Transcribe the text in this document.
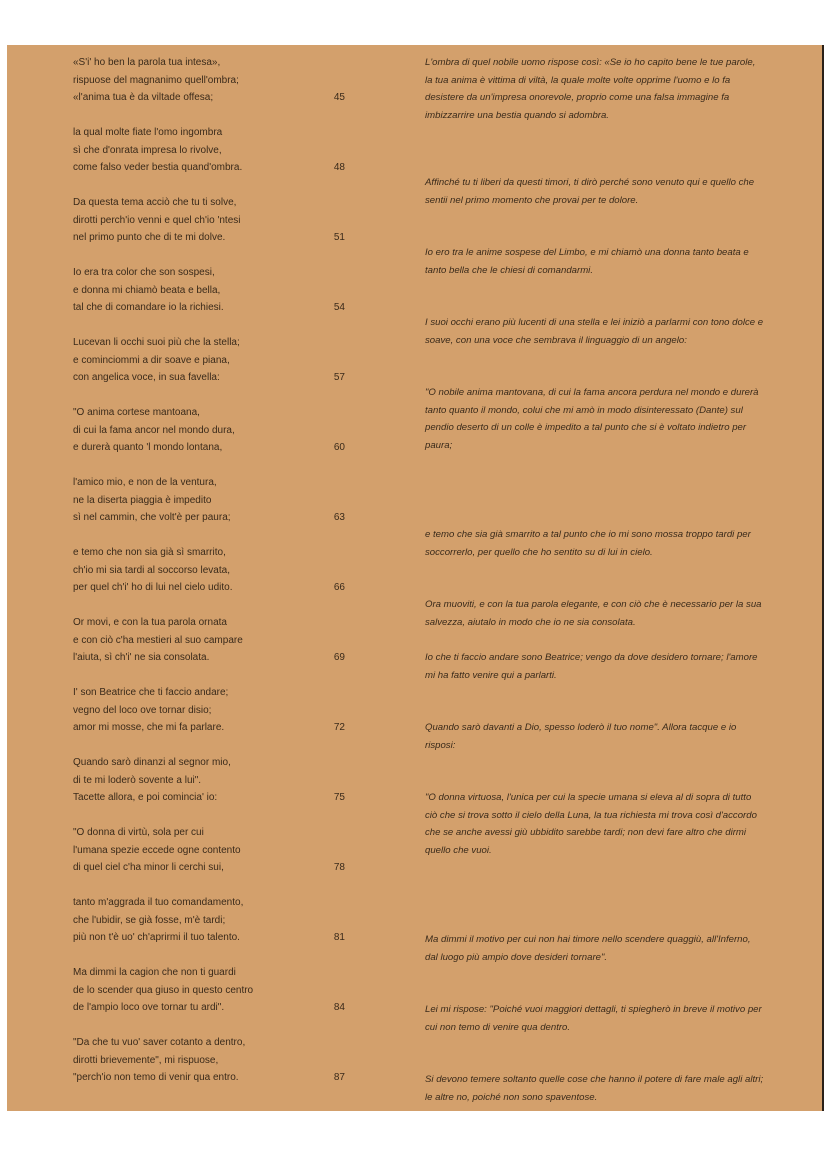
«S'i' ho ben la parola tua intesa»,
rispuose del magnanimo quell'ombra;
«l'anima tua è da viltade offesa;	45
la qual molte fiate l'omo ingombra
sì che d'onrata impresa lo rivolve,
come falso veder bestia quand'ombra.	48
Da questa tema acciò che tu ti solve,
dirotti perch'io venni e quel ch'io 'ntesi
nel primo punto che di te mi dolve.	51
Io era tra color che son sospesi,
e donna mi chiamò beata e bella,
tal che di comandare io la richiesi.	54
Lucevan li occhi suoi più che la stella;
e cominciommi a dir soave e piana,
con angelica voce, in sua favella:	57
"O anima cortese mantoana,
di cui la fama ancor nel mondo dura,
e durerà quanto 'l mondo lontana,	60
l'amico mio, e non de la ventura,
ne la diserta piaggia è impedito
sì nel cammin, che volt'è per paura;	63
e temo che non sia già sì smarrito,
ch'io mi sia tardi al soccorso levata,
per quel ch'i' ho di lui nel cielo udito.	66
Or movi, e con la tua parola ornata
e con ciò c'ha mestieri al suo campare
l'aiuta, sì ch'i' ne sia consolata.	69
I' son Beatrice che ti faccio andare;
vegno del loco ove tornar disio;
amor mi mosse, che mi fa parlare.	72
Quando sarò dinanzi al segnor mio,
di te mi loderò sovente a lui".
Tacette allora, e poi comincia' io:	75
"O donna di virtù, sola per cui
l'umana spezie eccede ogne contento
di quel ciel c'ha minor li cerchi sui,	78
tanto m'aggrada il tuo comandamento,
che l'ubidir, se già fosse, m'è tardi;
più non t'è uo' ch'aprirmi il tuo talento.	81
Ma dimmi la cagion che non ti guardi
de lo scender qua giuso in questo centro
de l'ampio loco ove tornar tu ardi".	84
"Da che tu vuo' saver cotanto a dentro,
dirotti brievemente", mi rispuose,
"perch'io non temo di venir qua entro.	87
L'ombra di quel nobile uomo rispose così: «Se io ho capito bene le tue parole, la tua anima è vittima di viltà, la quale molte volte opprime l'uomo e lo fa desistere da un'impresa onorevole, proprio come una falsa immagine fa imbizzarrire una bestia quando si adombra.
Affinché tu ti liberi da questi timori, ti dirò perché sono venuto qui e quello che sentii nel primo momento che provai per te dolore.
Io ero tra le anime sospese del Limbo, e mi chiamò una donna tanto beata e tanto bella che le chiesi di comandarmi.
I suoi occhi erano più lucenti di una stella e lei iniziò a parlarmi con tono dolce e soave, con una voce che sembrava il linguaggio di un angelo:
"O nobile anima mantovana, di cui la fama ancora perdura nel mondo e durerà tanto quanto il mondo, colui che mi amò in modo disinteressato (Dante) sul pendio deserto di un colle è impedito a tal punto che si è voltato indietro per paura;
e temo che sia già smarrito a tal punto che io mi sono mossa troppo tardi per soccorrerlo, per quello che ho sentito su di lui in cielo.
Ora muoviti, e con la tua parola elegante, e con ciò che è necessario per la sua salvezza, aiutalo in modo che io ne sia consolata.
Io che ti faccio andare sono Beatrice; vengo da dove desidero tornare; l'amore mi ha fatto venire qui a parlarti.
Quando sarò davanti a Dio, spesso loderò il tuo nome". Allora tacque e io risposi:
"O donna virtuosa, l'unica per cui la specie umana si eleva al di sopra di tutto ciò che si trova sotto il cielo della Luna, la tua richiesta mi trova così d'accordo che se anche avessi giù ubbidito sarebbe tardi; non devi fare altro che dirmi quello che vuoi.
Ma dimmi il motivo per cui non hai timore nello scendere quaggiù, all'Inferno, dal luogo più ampio dove desideri tornare".
Lei mi rispose: "Poiché vuoi maggiori dettagli, ti spiegherò in breve il motivo per cui non temo di venire qua dentro.
Si devono temere soltanto quelle cose che hanno il potere di fare male agli altri; le altre no, poiché non sono spaventose.
